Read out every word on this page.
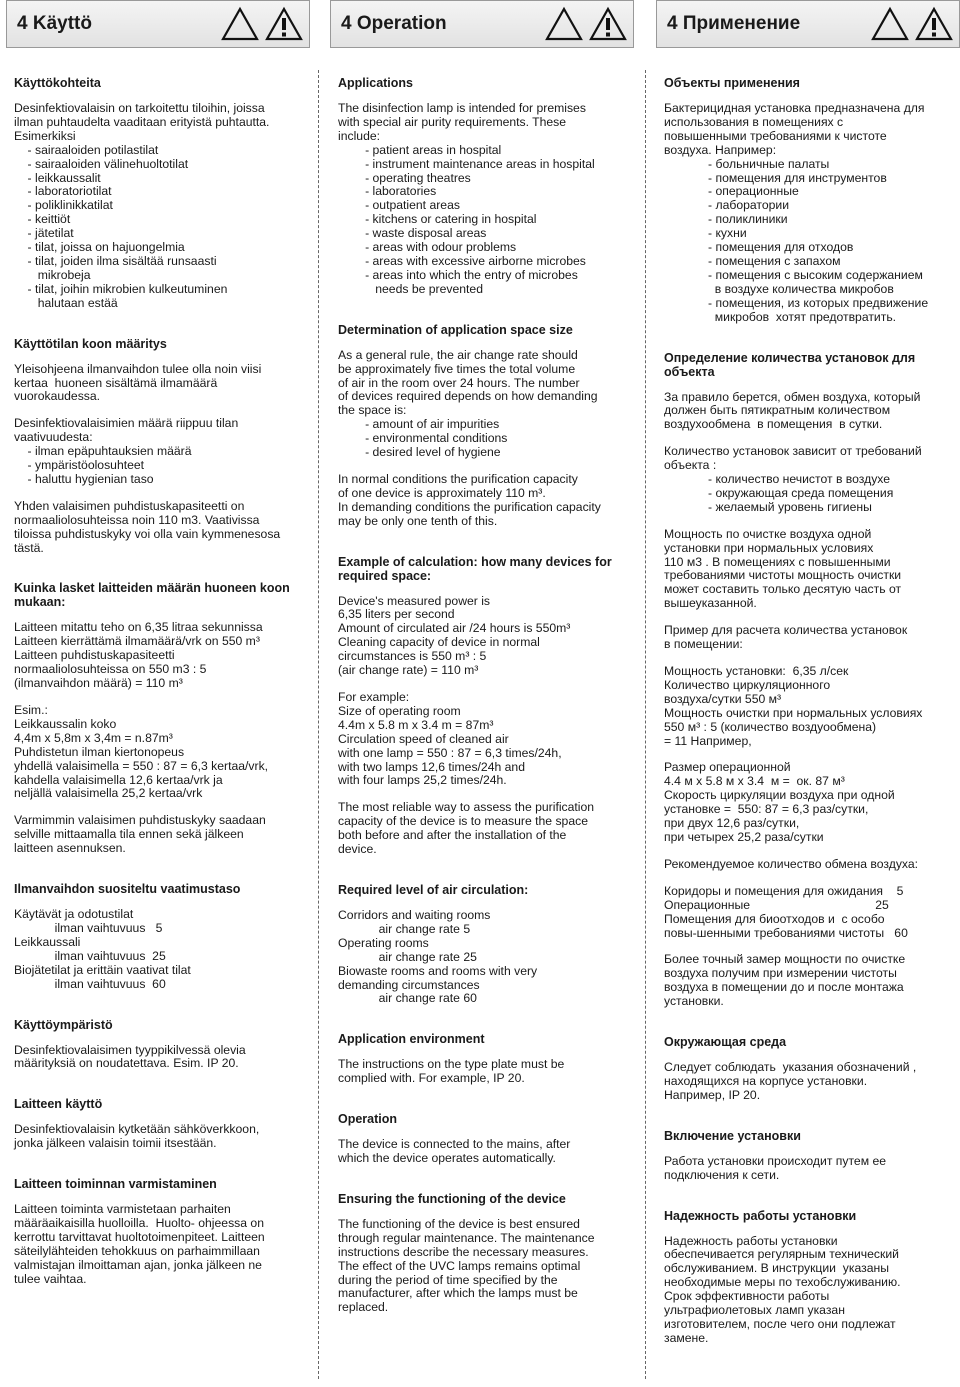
4 Käyttö
Käyttökohteita
Desinfektiovalaisin on tarkoitettu tiloihin, joissa
ilman puhtaudelta vaaditaan erityistä puhtautta.
Esimerkiksi
- sairaaloiden potilastilat
- sairaaloiden välinehuoltotilat
- leikkaussalit
- laboratoriotilat
- poliklinikkatilat
- keittiöt
- jätetilat
- tilat, joissa on hajuongelmia
- tilat, joiden ilma sisältää runsaasti
mikrobeja
- tilat, joihin mikrobien kulkeutuminen
halutaan estää
Käyttötilan koon määritys
Yleisohjeena ilmanvaihdon tulee olla noin viisi
kertaa  huoneen sisältämä ilmamäärä
vuorokaudessa.
Desinfektiovalaisimien määrä riippuu tilan
vaativuudesta:
- ilman epäpuhtauksien määrä
- ympäristöolosuhteet
- haluttu hygienian taso
Yhden valaisimen puhdistuskapasiteetti on
normaaliolosuhteissa noin 110 m3. Vaativissa
tiloissa puhdistuskyky voi olla vain kymmenesosa
tästä.
Kuinka lasket laitteiden määrän huoneen koon mukaan:
Laitteen mitattu teho on 6,35 litraa sekunnissa
Laitteen kierrättämä ilmamäärä/vrk on 550 m³
Laitteen puhdistuskapasiteetti
normaaliolosuhteissa on 550 m3 : 5
(ilmanvaihdon määrä) = 110 m³
Esim.:
Leikkaussalin koko
4,4m x 5,8m x 3,4m = n.87m³
Puhdistetun ilman kiertonopeus
yhdellä valaisimella = 550 : 87 = 6,3 kertaa/vrk,
kahdella valaisimella 12,6 kertaa/vrk ja
neljällä valaisimella 25,2 kertaa/vrk
Varmimmin valaisimen puhdistuskyky saadaan
selville mittaamalla tila ennen sekä jälkeen
laitteen asennuksen.
Ilmanvaihdon suositeltu vaatimustaso
Käytävät ja odotustilat
ilman vaihtuvuus   5
Leikkaussali
ilman vaihtuvuus  25
Biojätetilat ja erittäin vaativat tilat
ilman vaihtuvuus  60
Käyttöympäristö
Desinfektiovalaisimen tyyppikilvessä olevia
määrityksiä on noudatettava. Esim. IP 20.
Laitteen käyttö
Desinfektiovalaisin kytketään sähköverkkoon,
jonka jälkeen valaisin toimii itsestään.
Laitteen toiminnan varmistaminen
Laitteen toiminta varmistetaan parhaiten
määräaikaisilla huolloilla.  Huolto- ohjeessa on
kerrottu tarvittavat huoltotoimenpiteet. Laitteen
säteilylähteiden tehokkuus on parhaimmillaan
valmistajan ilmoittaman ajan, jonka jälkeen ne
tulee vaihtaa.
4 Operation
Applications
The disinfection lamp is intended for premises
with special air purity requirements. These
include:
- patient areas in hospital
- instrument maintenance areas in hospital
- operating theatres
- laboratories
- outpatient areas
- kitchens or catering in hospital
- waste disposal areas
- areas with odour problems
- areas with excessive airborne microbes
- areas into which the entry of microbes
needs be prevented
Determination of application space size
As a general rule, the air change rate should
be approximately five times the total volume
of air in the room over 24 hours. The number
of devices required depends on how demanding
the space is:
- amount of air impurities
- environmental conditions
- desired level of hygiene
In normal conditions the purification capacity
of one device is approximately 110 m³.
In demanding conditions the purification capacity
may be only one tenth of this.
Example of calculation: how many devices for required space:
Device's measured power is
6,35 liters per second
Amount of circulated air /24 hours is 550m³
Cleaning capacity of device in normal
circumstances is 550 m³ : 5
(air change rate) = 110 m³
For example:
Size of operating room
4.4m x 5.8 m x 3.4 m = 87m³
Circulation speed of cleaned air
with one lamp = 550 : 87 = 6,3 times/24h,
with two lamps 12,6 times/24h and
with four lamps 25,2 times/24h.
The most reliable way to assess the purification
capacity of the device is to measure the space
both before and after the installation of the
device.
Required level of air circulation:
Corridors and waiting rooms
air change rate 5
Operating rooms
air change rate 25
Biowaste rooms and rooms with very
demanding circumstances
air change rate 60
Application environment
The instructions on the type plate must be
complied with. For example, IP 20.
Operation
The device is connected to the mains, after
which the device operates automatically.
Ensuring the functioning of the device
The functioning of the device is best ensured
through regular maintenance. The maintenance
instructions describe the necessary measures.
The effect of the UVC lamps remains optimal
during the period of time specified by the
manufacturer, after which the lamps must be
replaced.
4 Применение
Объекты применения
Бактерицидная установка предназначена для
использования в помещениях с
повышенными требованиями к чистоте
воздуха. Например:
- больничные палаты
- помещения для инструментов
- операционные
- лаборатории
- поликлиники
- кухни
- помещения для отходов
- помещения с запахом
- помещения с высоким содержанием
в воздухе количества микробов
- помещения, из которых предвижение
микробов  хотят предотвратить.
Определение количества установок для объекта
За правило берется, обмен воздуха, который
должен быть пятикратным количеством
воздухообмена  в помещения  в сутки.
Количество установок зависит от требований
объекта :
- количество нечистот в воздухе
- окружающая среда помещения
- желаемый уровень гигиены
Мощность по очистке воздуха одной
установки при нормальных условиях
110 м3 . В помещениях с повышенными
требованиями чистоты мощность очистки
может составить только десятую часть от
вышеуказанной.
Пример для расчета количества установок
в помещении:
Мощность установки:  6,35 л/сек
Количество циркуляционного
воздуха/сутки 550 м³
Мощность очистки при нормальных условиях
550 м³ : 5 (количество воздуообмена)
= 11 Например,
Размер операционной
4.4 м x 5.8 м x 3.4  м =  ок. 87 м³
Скорость циркуляции воздуха при одной
установке =  550: 87 = 6,3 раз/сутки,
при двух 12,6 раз/сутки,
при четырех 25,2 раза/сутки
Рекомендуемое количество обмена воздуха:
Коридоры и помещения для ожидания    5
Операционные                                     25
Помещения для биоотходов и  с особо
повы-шенными требованиями чистоты   60
Более точный замер мощности по очистке
воздуха получим при измерении чистоты
воздуха в помещении до и после монтажа
установки.
Окружающая среда
Следует соблюдать  указания обозначений ,
находящихся на корпусе установки.
Например, IP 20.
Включение установки
Работа установки происходит путем ее
подключения к сети.
Надежность работы установки
Надежность работы установки
обеспечивается регулярным технический
обслуживанием. В инструкции  указаны
необходимые меры по техобслуживанию.
Срок эффективности работы
ультрафиолетовых ламп указан
изготовителем, после чего они подлежат
замене.
